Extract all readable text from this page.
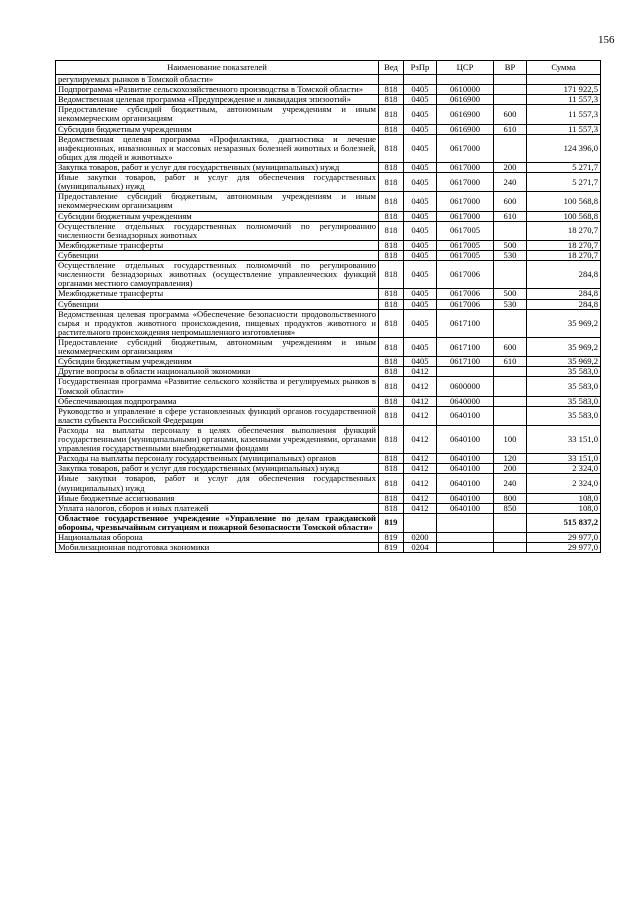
156
Наименование показателей	Вед	РзПр	ЦСР	ВР	Сумма
регулируемых рынков в Томской области»					
Подпрограмма «Развитие сельскохозяйственного производства в Томской области»	818	0405	0610000		171 922,5
Ведомственная целевая программа «Предупреждение и ликвидация эпизоотий»	818	0405	0616900		11 557,3
Предоставление субсидий бюджетным, автономным учреждениям и иным некоммерческим организациям	818	0405	0616900	600	11 557,3
Субсидии бюджетным учреждениям	818	0405	0616900	610	11 557,3
Ведомственная целевая программа «Профилактика, диагностика и лечение инфекционных, инвазионных и массовых незаразных болезней животных и болезней, общих для людей и животных»	818	0405	0617000		124 396,0
Закупка товаров, работ и услуг для государственных (муниципальных) нужд	818	0405	0617000	200	5 271,7
Иные закупки товаров, работ и услуг для обеспечения государственных (муниципальных) нужд	818	0405	0617000	240	5 271,7
Предоставление субсидий бюджетным, автономным учреждениям и иным некоммерческим организациям	818	0405	0617000	600	100 568,8
Субсидии бюджетным учреждениям	818	0405	0617000	610	100 568,8
Осуществление отдельных государственных полномочий по регулированию численности безнадзорных животных	818	0405	0617005		18 270,7
Межбюджетные трансферты	818	0405	0617005	500	18 270,7
Субвенции	818	0405	0617005	530	18 270,7
Осуществление отдельных государственных полномочий по регулированию численности безнадзорных животных (осуществление управленческих функций органами местного самоуправления)	818	0405	0617006		284,8
Межбюджетные трансферты	818	0405	0617006	500	284,8
Субвенции	818	0405	0617006	530	284,8
Ведомственная целевая программа «Обеспечение безопасности продовольственного сырья и продуктов животного происхождения, пищевых продуктов животного и растительного происхождения непромышленного изготовления»	818	0405	0617100		35 969,2
Предоставление субсидий бюджетным, автономным учреждениям и иным некоммерческим организациям	818	0405	0617100	600	35 969,2
Субсидии бюджетным учреждениям	818	0405	0617100	610	35 969,2
Другие вопросы в области национальной экономики	818	0412			35 583,0
Государственная программа «Развитие сельского хозяйства и регулируемых рынков в Томской области»	818	0412	0600000		35 583,0
Обеспечивающая подпрограмма	818	0412	0640000		35 583,0
Руководство и управление в сфере установленных функций органов государственной власти субъекта Российской Федерации	818	0412	0640100		35 583,0
Расходы на выплаты персоналу в целях обеспечения выполнения функций государственными (муниципальными) органами, казенными учреждениями, органами управления государственными внебюджетными фондами	818	0412	0640100	100	33 151,0
Расходы на выплаты персоналу государственных (муниципальных) органов	818	0412	0640100	120	33 151,0
Закупка товаров, работ и услуг для государственных (муниципальных) нужд	818	0412	0640100	200	2 324,0
Иные закупки товаров, работ и услуг для обеспечения государственных (муниципальных) нужд	818	0412	0640100	240	2 324,0
Иные бюджетные ассигнования	818	0412	0640100	800	108,0
Уплата налогов, сборов и иных платежей	818	0412	0640100	850	108,0
Областное государственное учреждение «Управление по делам гражданской обороны, чрезвычайным ситуациям и пожарной безопасности Томской области»	819				515 837,2
Национальная оборона	819	0200			29 977,0
Мобилизационная подготовка экономики	819	0204			29 977,0
